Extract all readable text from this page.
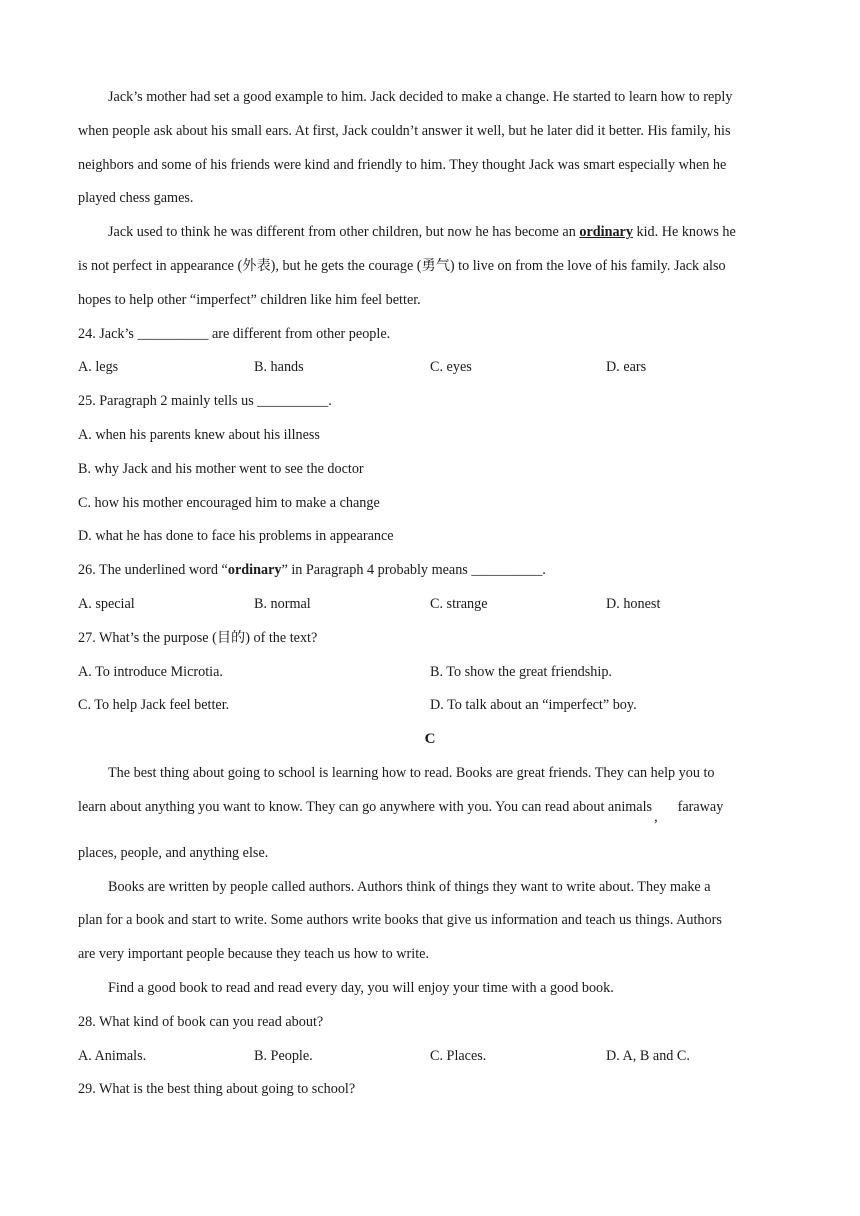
Jack’s mother had set a good example to him. Jack decided to make a change. He started to learn how to reply
when people ask about his small ears. At first, Jack couldn’t answer it well, but he later did it better. His family, his
neighbors and some of his friends were kind and friendly to him. They thought Jack was smart especially when he
played chess games.
Jack used to think he was different from other children, but now he has become an ordinary kid. He knows he
is not perfect in appearance (外表), but he gets the courage (勇气) to live on from the love of his family. Jack also
hopes to help other “imperfect” children like him feel better.
24. Jack’s __________ are different from other people.
A. legs	B. hands	C. eyes	D. ears
25. Paragraph 2 mainly tells us __________.
A. when his parents knew about his illness
B. why Jack and his mother went to see the doctor
C. how his mother encouraged him to make a change
D. what he has done to face his problems in appearance
26. The underlined word “ordinary” in Paragraph 4 probably means __________.
A. special	B. normal	C. strange	D. honest
27. What’s the purpose (目的) of the text?
A. To introduce Microtia.	B. To show the great friendship.
C. To help Jack feel better.	D. To talk about an “imperfect” boy.
C
The best thing about going to school is learning how to read. Books are great friends. They can help you to
learn about anything you want to know. They can go anywhere with you. You can read about animals,faraway
places, people, and anything else.
Books are written by people called authors. Authors think of things they want to write about. They make a
plan for a book and start to write. Some authors write books that give us information and teach us things. Authors
are very important people because they teach us how to write.
Find a good book to read and read every day, you will enjoy your time with a good book.
28. What kind of book can you read about?
A. Animals.	B. People.	C. Places.	D. A, B and C.
29. What is the best thing about going to school?
